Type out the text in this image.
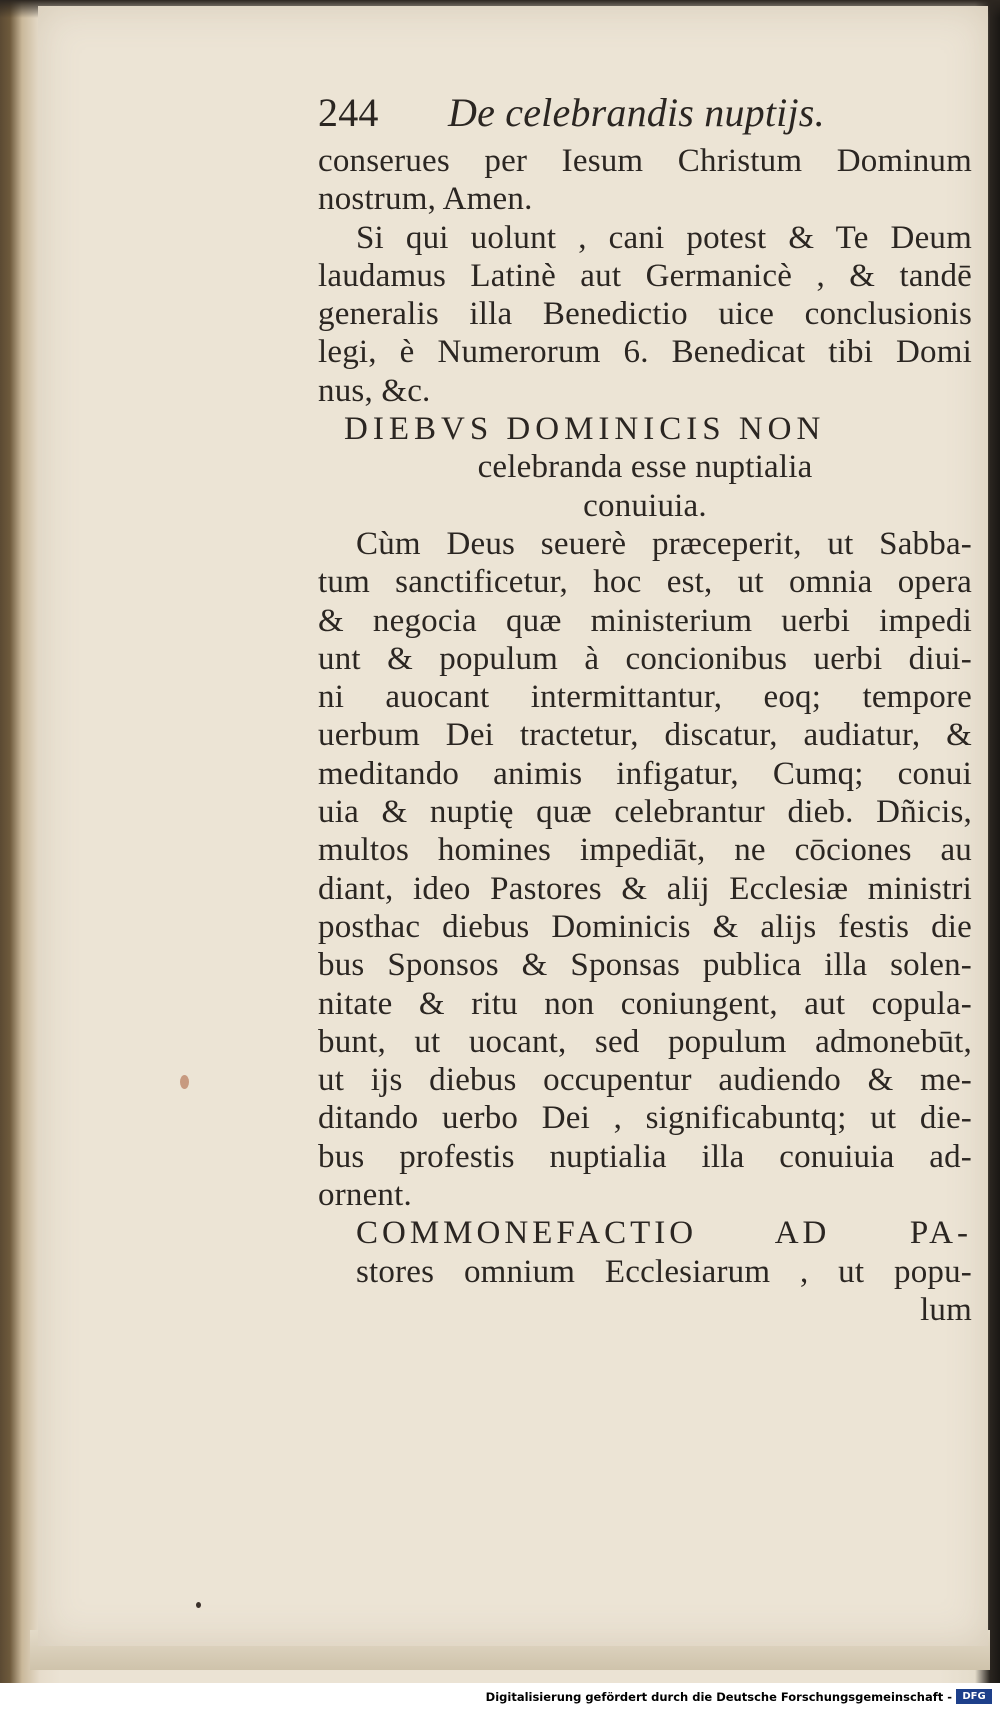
244 De celebrandis nuptijs.
conserues per Iesum Christum Dominum
nostrum, Amen.
Si qui uolunt , cani potest & Te Deum
laudamus Latinè aut Germanicè , & tandē
generalis illa Benedictio uice conclusionis
legi, è Numerorum 6. Benedicat tibi Domi
nus, &c.
DIEBVS DOMINICIS NON
celebranda esse nuptialia
conuiuia.
Cùm Deus seuerè præceperit, ut Sabba-
tum sanctificetur, hoc est, ut omnia opera
& negocia quæ ministerium uerbi impedi
unt & populum à concionibus uerbi diui-
ni auocant intermittantur, eoq; tempore
uerbum Dei tractetur, discatur, audiatur, &
meditando animis infigatur, Cumq; conui
uia & nuptię quæ celebrantur dieb. Dñicis,
multos homines impediāt, ne cōciones au
diant, ideo Pastores & alij Ecclesiæ ministri
posthac diebus Dominicis & alijs festis die
bus Sponsos & Sponsas publica illa solen-
nitate & ritu non coniungent, aut copula-
bunt, ut uocant, sed populum admonebūt,
ut ijs diebus occupentur audiendo & me-
ditando uerbo Dei , significabuntq; ut die-
bus profestis nuptialia illa conuiuia ad-
ornent.
COMMONEFACTIO AD PA-
stores omnium Ecclesiarum , ut popu-
lum
Digitalisierung gefördert durch die Deutsche Forschungsgemeinschaft -	DFG
